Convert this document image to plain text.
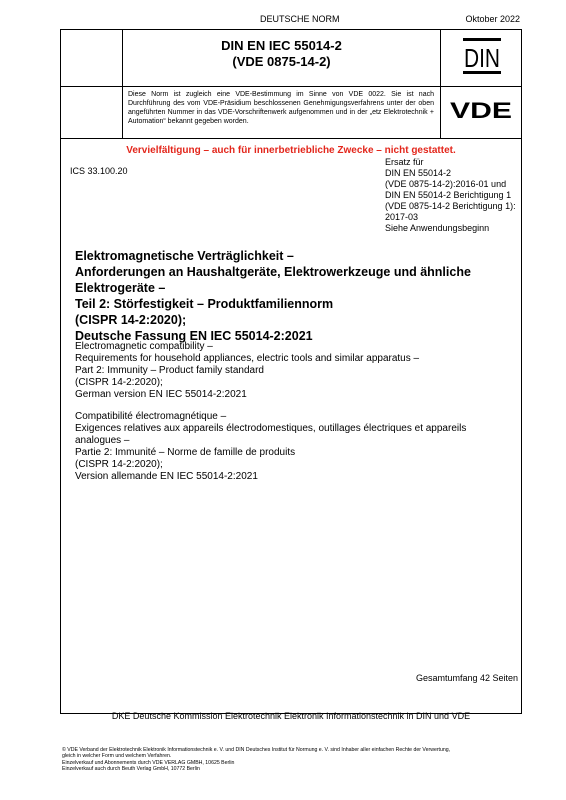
DEUTSCHE NORM	Oktober 2022
DIN EN IEC 55014-2
(VDE 0875-14-2)
Diese Norm ist zugleich eine VDE-Bestimmung im Sinne von VDE 0022. Sie ist nach Durchführung des vom VDE-Präsidium beschlossenen Genehmigungsverfahrens unter der oben angeführten Nummer in das VDE-Vorschriftenwerk aufgenommen und in der „etz Elektrotechnik + Automation“ bekannt gegeben worden.
DIN
VDE
Vervielfältigung – auch für innerbetriebliche Zwecke – nicht gestattet.
ICS 33.100.20
Ersatz für
DIN EN 55014-2
(VDE 0875-14-2):2016-01 und
DIN EN 55014-2 Berichtigung 1
(VDE 0875-14-2 Berichtigung 1):
2017-03
Siehe Anwendungsbeginn
Elektromagnetische Verträglichkeit –
Anforderungen an Haushaltgeräte, Elektrowerkzeuge und ähnliche
Elektrogeräte –
Teil 2: Störfestigkeit – Produktfamiliennorm
(CISPR 14-2:2020);
Deutsche Fassung EN IEC 55014-2:2021
Electromagnetic compatibility –
Requirements for household appliances, electric tools and similar apparatus –
Part 2: Immunity – Product family standard
(CISPR 14-2:2020);
German version EN IEC 55014-2:2021
Compatibilité électromagnétique –
Exigences relatives aux appareils électrodomestiques, outillages électriques et appareils
analogues –
Partie 2: Immunité – Norme de famille de produits
(CISPR 14-2:2020);
Version allemande EN IEC 55014-2:2021
Gesamtumfang 42 Seiten
DKE Deutsche Kommission Elektrotechnik Elektronik Informationstechnik in DIN und VDE
© VDE Verband der Elektrotechnik Elektronik Informationstechnik e. V. und DIN Deutsches Institut für Normung e. V. sind Inhaber aller einfachen Rechte der Verwertung,
gleich in welcher Form und welchem Verfahren.
Einzelverkauf und Abonnements durch VDE VERLAG GMBH, 10625 Berlin
Einzelverkauf auch durch Beuth Verlag GmbH, 10772 Berlin
